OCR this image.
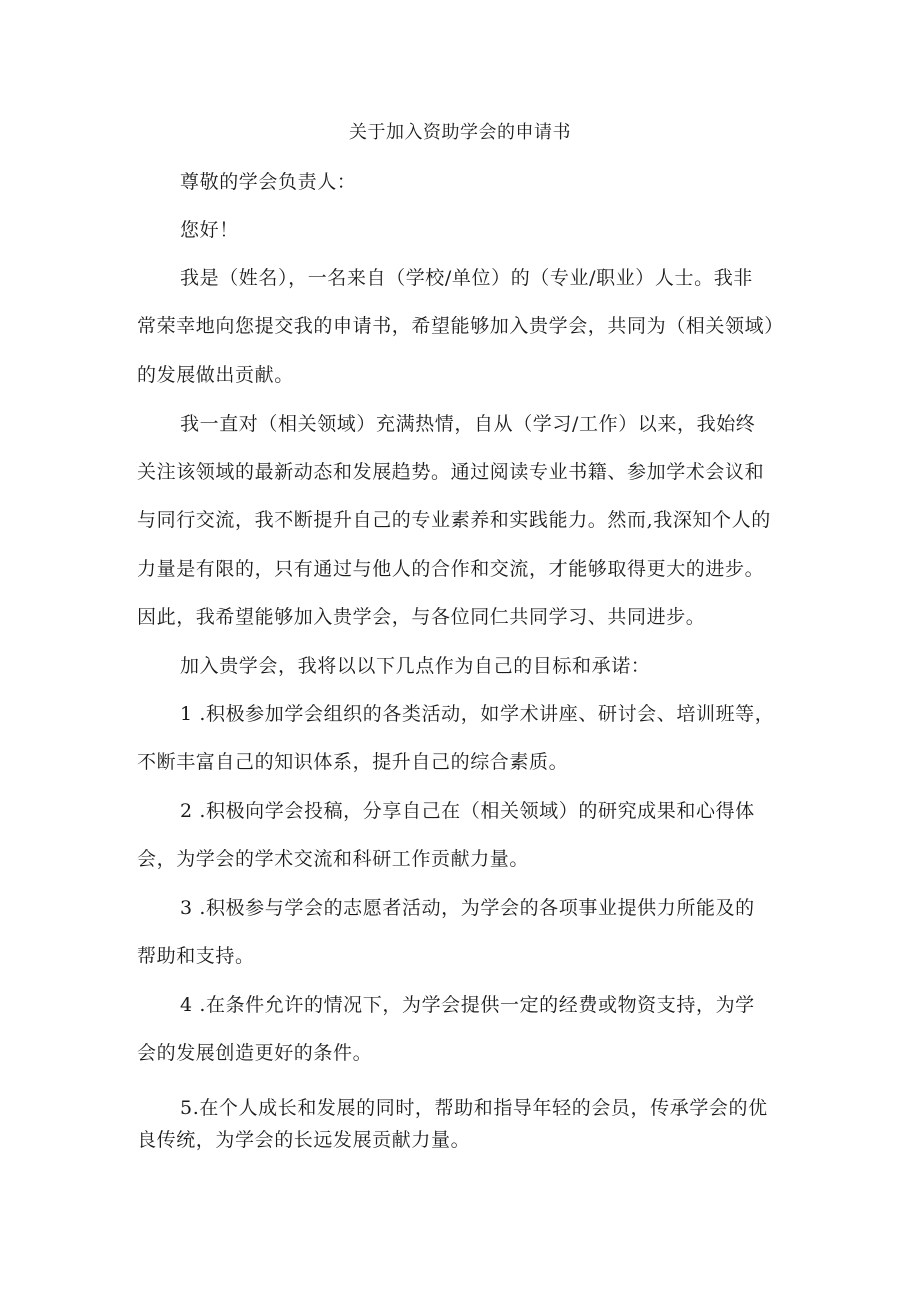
关于加入资助学会的申请书
尊敬的学会负责人：
您好！
我是（姓名），一名来自（学校/单位）的（专业/职业）人士。我非
常荣幸地向您提交我的申请书，希望能够加入贵学会，共同为（相关领域）
的发展做出贡献。
我一直对（相关领域）充满热情，自从（学习/工作）以来，我始终
关注该领域的最新动态和发展趋势。通过阅读专业书籍、参加学术会议和
与同行交流，我不断提升自己的专业素养和实践能力。然而,我深知个人的
力量是有限的，只有通过与他人的合作和交流，才能够取得更大的进步。
因此，我希望能够加入贵学会，与各位同仁共同学习、共同进步。
加入贵学会，我将以以下几点作为自己的目标和承诺：
1 .积极参加学会组织的各类活动，如学术讲座、研讨会、培训班等，
不断丰富自己的知识体系，提升自己的综合素质。
2 .积极向学会投稿，分享自己在（相关领域）的研究成果和心得体
会，为学会的学术交流和科研工作贡献力量。
3 .积极参与学会的志愿者活动，为学会的各项事业提供力所能及的
帮助和支持。
4 .在条件允许的情况下，为学会提供一定的经费或物资支持，为学
会的发展创造更好的条件。
5.在个人成长和发展的同时，帮助和指导年轻的会员，传承学会的优
良传统，为学会的长远发展贡献力量。
